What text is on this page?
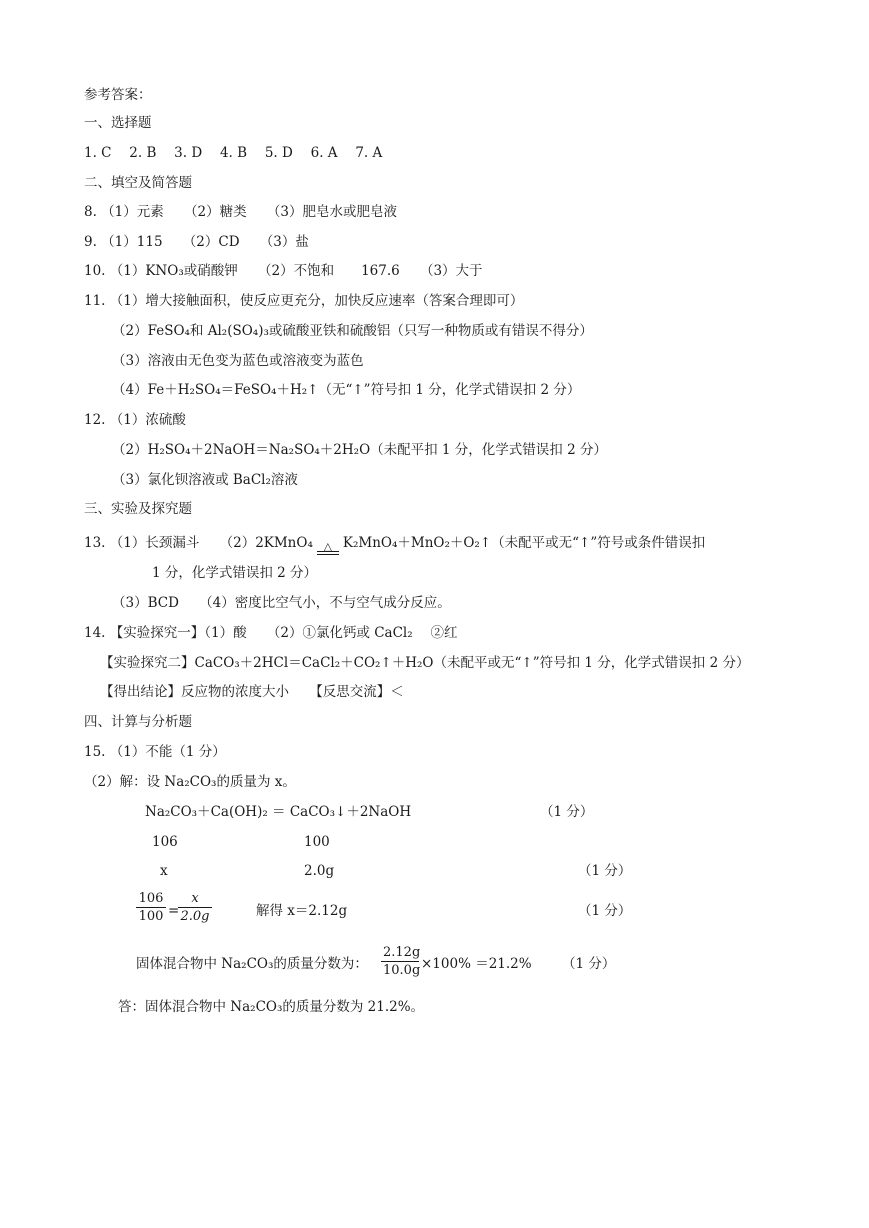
参考答案：
一、选择题
1. C　 2. B　 3. D　 4. B　 5. D　 6. A　 7. A
二、填空及简答题
8. （1）元素　　（2）糖类　　（3）肥皂水或肥皂液
9. （1）115　　（2）CD　　（3）盐
10. （1）KNO₃或硝酸钾　　（2）不饱和　　167.6　　（3）大于
11. （1）增大接触面积，使反应更充分，加快反应速率（答案合理即可）
（2）FeSO₄和 Al₂(SO₄)₃或硫酸亚铁和硫酸铝（只写一种物质或有错误不得分）
（3）溶液由无色变为蓝色或溶液变为蓝色
（4）Fe＋H₂SO₄＝FeSO₄＋H₂↑（无“↑”符号扣 1 分，化学式错误扣 2 分）
12. （1）浓硫酸
（2）H₂SO₄＋2NaOH＝Na₂SO₄＋2H₂O（未配平扣 1 分，化学式错误扣 2 分）
（3）氯化钡溶液或 BaCl₂溶液
三、实验及探究题
13. （1）长颈漏斗　　（2）2KMnO₄ △ K₂MnO₄＋MnO₂＋O₂↑（未配平或无“↑”符号或条件错误扣
1 分，化学式错误扣 2 分）
（3）BCD　　（4）密度比空气小，不与空气成分反应。
14. 【实验探究一】（1）酸　　（2）①氯化钙或 CaCl₂　 ②红
【实验探究二】CaCO₃＋2HCl＝CaCl₂＋CO₂↑＋H₂O（未配平或无“↑”符号扣 1 分，化学式错误扣 2 分）
【得出结论】反应物的浓度大小　　【反思交流】＜
四、计算与分析题
15. （1）不能（1 分）
（2）解：设 Na₂CO₃的质量为 x。
Na₂CO₃＋Ca(OH)₂ ＝ CaCO₃↓＋2NaOH	（1 分）
106	100
x	2.0g	（1 分）
106
100 =
x
2.0g	解得 x＝2.12g	（1 分）
固体混合物中 Na₂CO₃的质量分数为：
2.12g
10.0g ×100% ＝21.2% （1 分）
答：固体混合物中 Na₂CO₃的质量分数为 21.2%。
